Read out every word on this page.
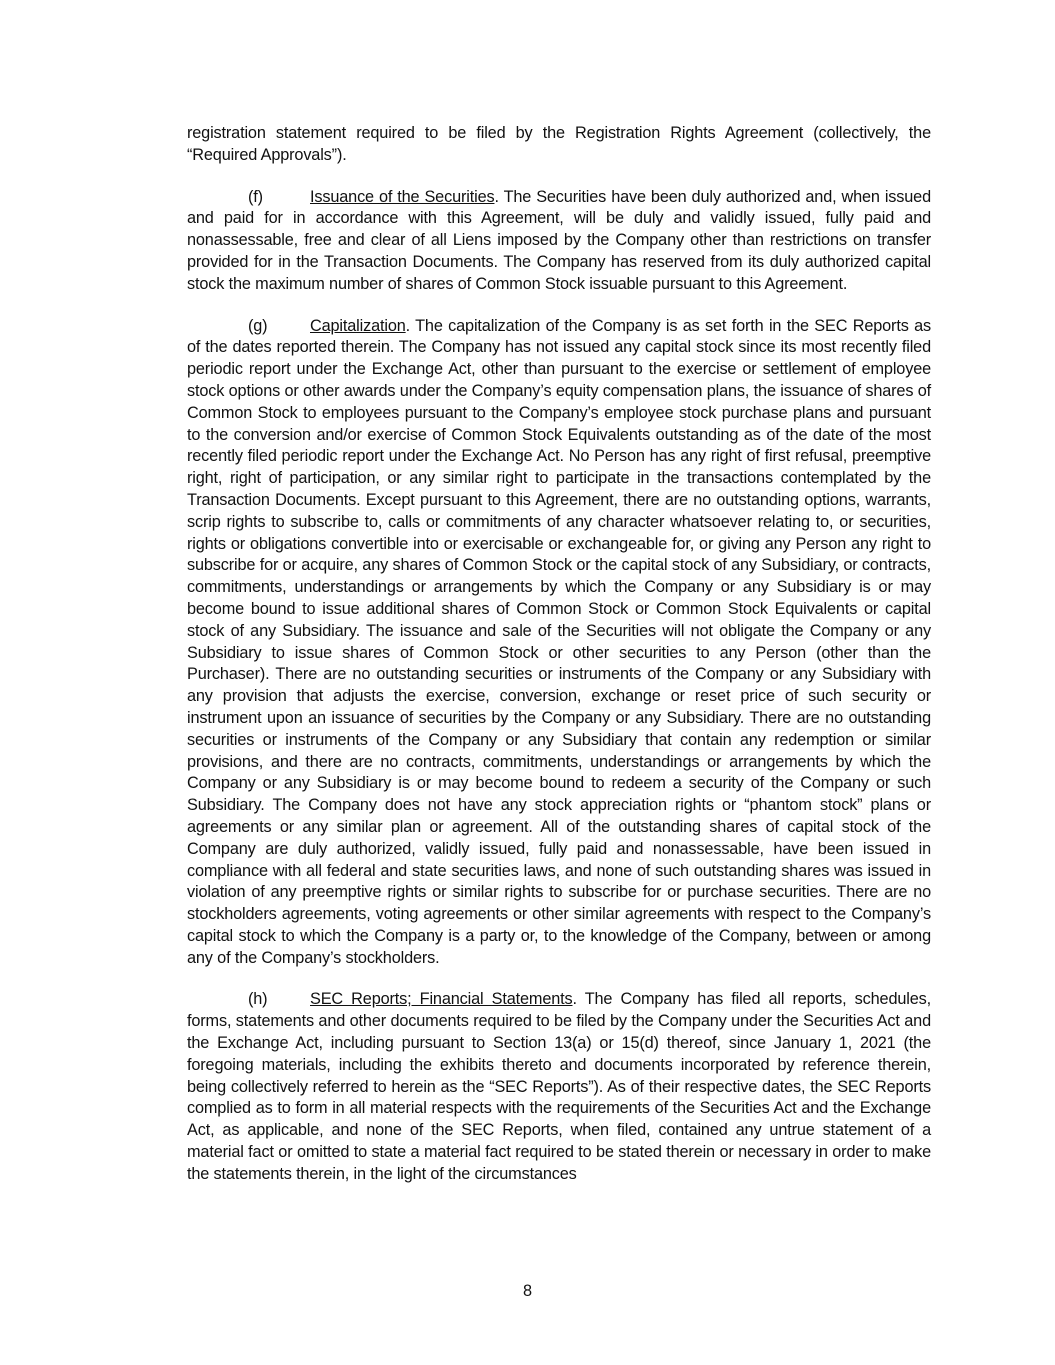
registration statement required to be filed by the Registration Rights Agreement (collectively, the “Required Approvals”).

(f)	Issuance of the Securities. The Securities have been duly authorized and, when issued and paid for in accordance with this Agreement, will be duly and validly issued, fully paid and nonassessable, free and clear of all Liens imposed by the Company other than restrictions on transfer provided for in the Transaction Documents. The Company has reserved from its duly authorized capital stock the maximum number of shares of Common Stock issuable pursuant to this Agreement.

(g)	Capitalization. The capitalization of the Company is as set forth in the SEC Reports as of the dates reported therein. The Company has not issued any capital stock since its most recently filed periodic report under the Exchange Act, other than pursuant to the exercise or settlement of employee stock options or other awards under the Company’s equity compensation plans, the issuance of shares of Common Stock to employees pursuant to the Company’s employee stock purchase plans and pursuant to the conversion and/or exercise of Common Stock Equivalents outstanding as of the date of the most recently filed periodic report under the Exchange Act. No Person has any right of first refusal, preemptive right, right of participation, or any similar right to participate in the transactions contemplated by the Transaction Documents. Except pursuant to this Agreement, there are no outstanding options, warrants, scrip rights to subscribe to, calls or commitments of any character whatsoever relating to, or securities, rights or obligations convertible into or exercisable or exchangeable for, or giving any Person any right to subscribe for or acquire, any shares of Common Stock or the capital stock of any Subsidiary, or contracts, commitments, understandings or arrangements by which the Company or any Subsidiary is or may become bound to issue additional shares of Common Stock or Common Stock Equivalents or capital stock of any Subsidiary. The issuance and sale of the Securities will not obligate the Company or any Subsidiary to issue shares of Common Stock or other securities to any Person (other than the Purchaser). There are no outstanding securities or instruments of the Company or any Subsidiary with any provision that adjusts the exercise, conversion, exchange or reset price of such security or instrument upon an issuance of securities by the Company or any Subsidiary. There are no outstanding securities or instruments of the Company or any Subsidiary that contain any redemption or similar provisions, and there are no contracts, commitments, understandings or arrangements by which the Company or any Subsidiary is or may become bound to redeem a security of the Company or such Subsidiary. The Company does not have any stock appreciation rights or “phantom stock” plans or agreements or any similar plan or agreement. All of the outstanding shares of capital stock of the Company are duly authorized, validly issued, fully paid and nonassessable, have been issued in compliance with all federal and state securities laws, and none of such outstanding shares was issued in violation of any preemptive rights or similar rights to subscribe for or purchase securities. There are no stockholders agreements, voting agreements or other similar agreements with respect to the Company’s capital stock to which the Company is a party or, to the knowledge of the Company, between or among any of the Company’s stockholders.

(h)	SEC Reports; Financial Statements. The Company has filed all reports, schedules, forms, statements and other documents required to be filed by the Company under the Securities Act and the Exchange Act, including pursuant to Section 13(a) or 15(d) thereof, since January 1, 2021 (the foregoing materials, including the exhibits thereto and documents incorporated by reference therein, being collectively referred to herein as the “SEC Reports”). As of their respective dates, the SEC Reports complied as to form in all material respects with the requirements of the Securities Act and the Exchange Act, as applicable, and none of the SEC Reports, when filed, contained any untrue statement of a material fact or omitted to state a material fact required to be stated therein or necessary in order to make the statements therein, in the light of the circumstances

8
